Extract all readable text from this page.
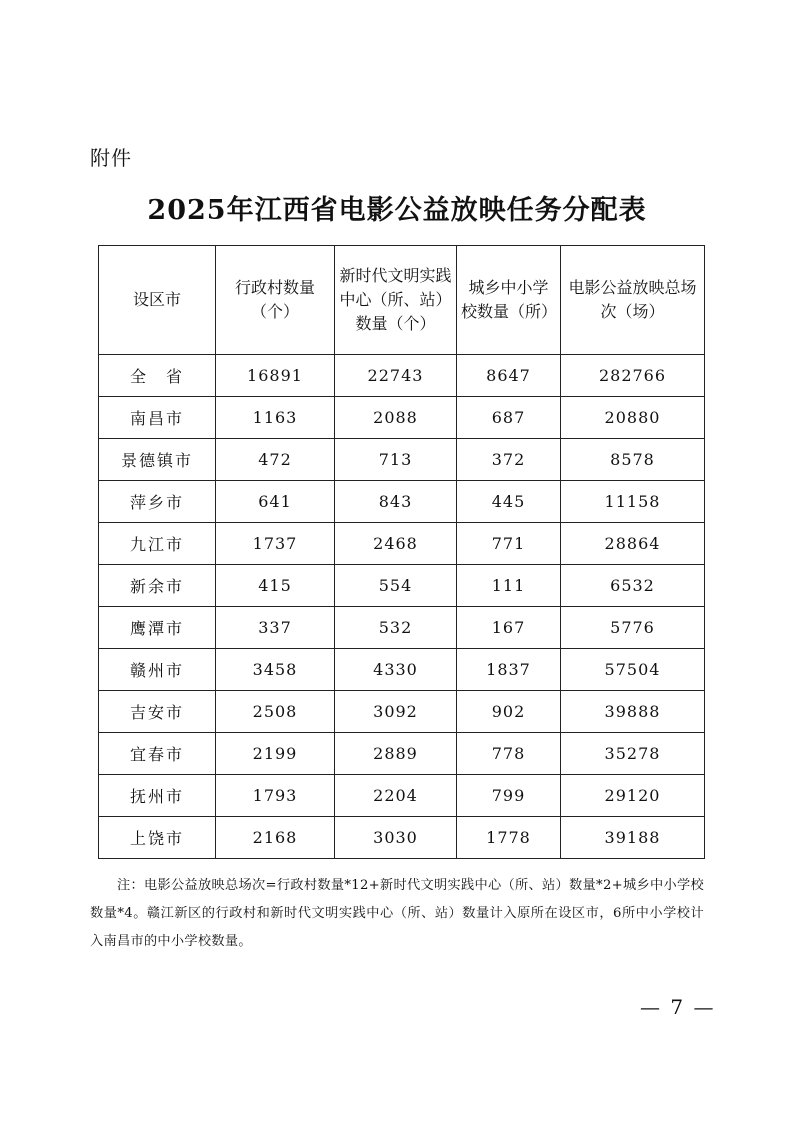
附件
2025年江西省电影公益放映任务分配表
设区市	行政村数量（个）	新时代文明实践中心（所、站）数量（个）	城乡中小学校数量（所）	电影公益放映总场次（场）
全　省	16891	22743	8647	282766
南昌市	1163	2088	687	20880
景德镇市	472	713	372	8578
萍乡市	641	843	445	11158
九江市	1737	2468	771	28864
新余市	415	554	111	6532
鹰潭市	337	532	167	5776
赣州市	3458	4330	1837	57504
吉安市	2508	3092	902	39888
宜春市	2199	2889	778	35278
抚州市	1793	2204	799	29120
上饶市	2168	3030	1778	39188
注：电影公益放映总场次=行政村数量*12+新时代文明实践中心（所、站）数量*2+城乡中小学校数量*4。赣江新区的行政村和新时代文明实践中心（所、站）数量计入原所在设区市，6所中小学校计入南昌市的中小学校数量。
— 7 —
